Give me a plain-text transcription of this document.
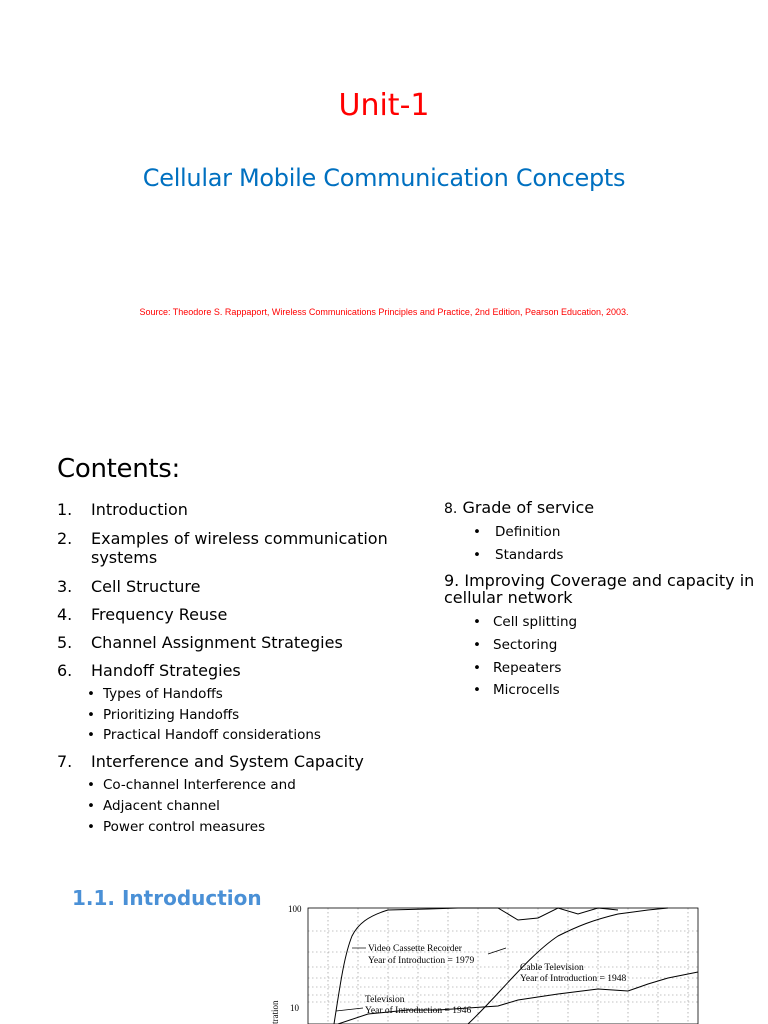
Unit-1
Cellular Mobile Communication Concepts
Source: Theodore S. Rappaport, Wireless Communications Principles and Practice, 2nd Edition, Pearson Education, 2003.
Contents:
1.	Introduction
2.	Examples of wireless communication systems
3.	Cell Structure
4.	Frequency Reuse
5.	Channel Assignment Strategies
6.	Handoff Strategies
• Types of Handoffs
• Prioritizing Handoffs
• Practical Handoff considerations
7.	Interference and System Capacity
• Co-channel Interference and
• Adjacent channel
• Power control measures
8. Grade of service
• Definition
• Standards
9. Improving Coverage and capacity in cellular network
• Cell splitting
• Sectoring
• Repeaters
• Microcells
1.1. Introduction	100
10
tration
Video Cassette Recorder
Year of Introduction = 1979
Cable Television
Year of Introduction = 1948
Television
Year of Introduction = 1946
